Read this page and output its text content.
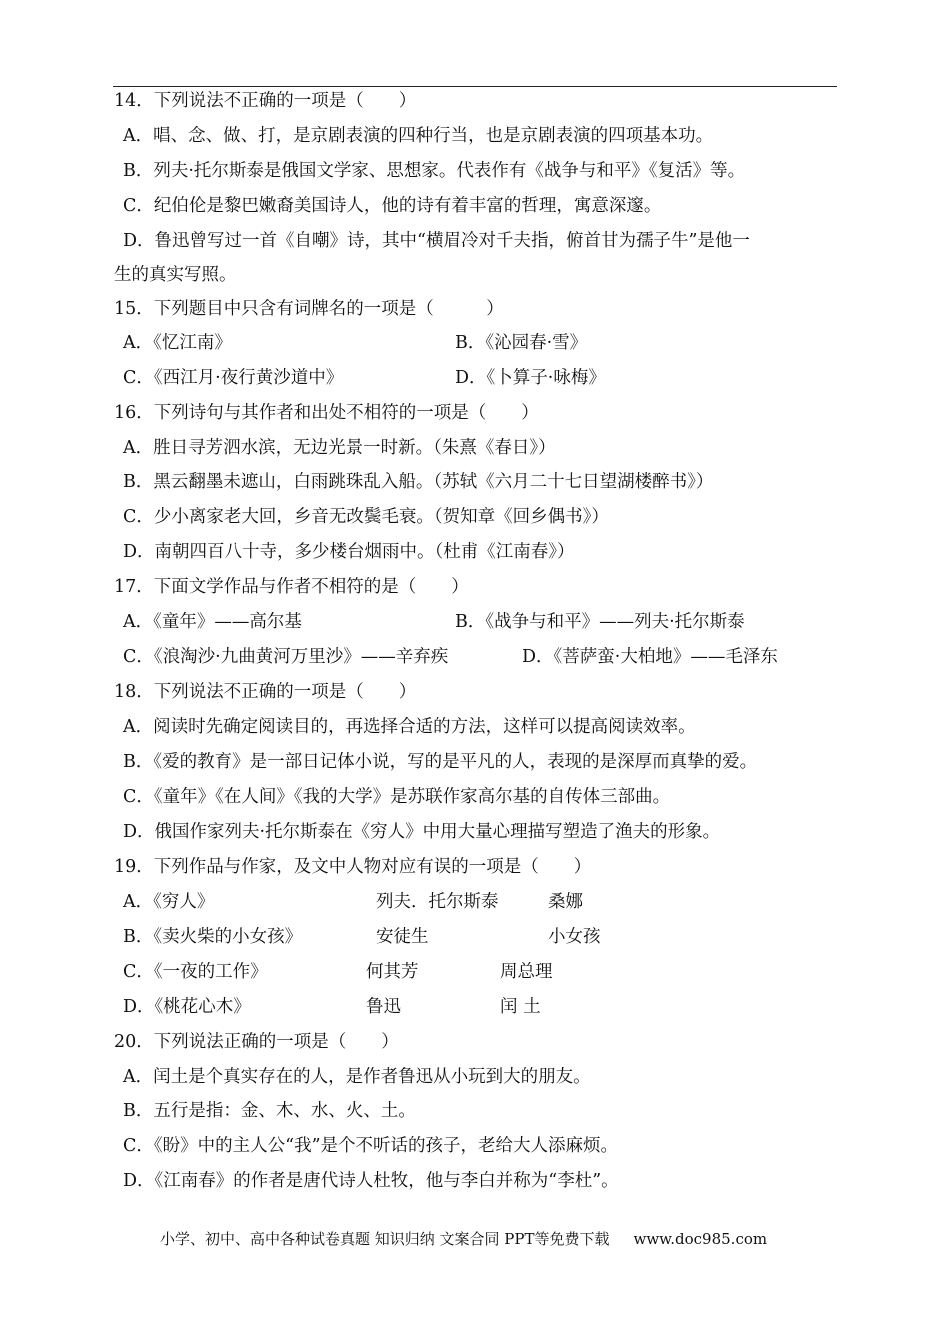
14．下列说法不正确的一项是（　　）
A．唱、念、做、打，是京剧表演的四种行当，也是京剧表演的四项基本功。
B．列夫·托尔斯泰是俄国文学家、思想家。代表作有《战争与和平》《复活》等。
C．纪伯伦是黎巴嫩裔美国诗人，他的诗有着丰富的哲理，寓意深邃。
D．鲁迅曾写过一首《自嘲》诗，其中“横眉冷对千夫指，俯首甘为孺子牛”是他一
生的真实写照。
15．下列题目中只含有词牌名的一项是（　　　）
A．《忆江南》	B．《沁园春·雪》
C．《西江月·夜行黄沙道中》	D．《卜算子·咏梅》
16．下列诗句与其作者和出处不相符的一项是（　　）
A．胜日寻芳泗水滨，无边光景一时新。（朱熹《春日》）
B．黑云翻墨未遮山，白雨跳珠乱入船。（苏轼《六月二十七日望湖楼醉书》）
C．少小离家老大回，乡音无改鬓毛衰。（贺知章《回乡偶书》）
D．南朝四百八十寺，多少楼台烟雨中。（杜甫《江南春》）
17．下面文学作品与作者不相符的是（　　）
A．《童年》——高尔基	B．《战争与和平》——列夫·托尔斯泰
C．《浪淘沙·九曲黄河万里沙》——辛弃疾	D．《菩萨蛮·大柏地》——毛泽东
18．下列说法不正确的一项是（　　）
A．阅读时先确定阅读目的，再选择合适的方法，这样可以提高阅读效率。
B．《爱的教育》是一部日记体小说，写的是平凡的人，表现的是深厚而真挚的爱。
C．《童年》《在人间》《我的大学》是苏联作家高尔基的自传体三部曲。
D．俄国作家列夫·托尔斯泰在《穷人》中用大量心理描写塑造了渔夫的形象。
19．下列作品与作家，及文中人物对应有误的一项是（　　）
A．《穷人》	列夫．托尔斯泰	桑娜
B．《卖火柴的小女孩》	安徒生	小女孩
C．《一夜的工作》	何其芳	周总理
D．《桃花心木》	鲁迅	闰 土
20．下列说法正确的一项是（　　）
A．闰土是个真实存在的人，是作者鲁迅从小玩到大的朋友。
B．五行是指：金、木、水、火、土。
C．《盼》中的主人公“我”是个不听话的孩子，老给大人添麻烦。
D．《江南春》的作者是唐代诗人杜牧，他与李白并称为“李杜”。
小学、初中、高中各种试卷真题 知识归纳 文案合同 PPT等免费下载 www.doc985.com
